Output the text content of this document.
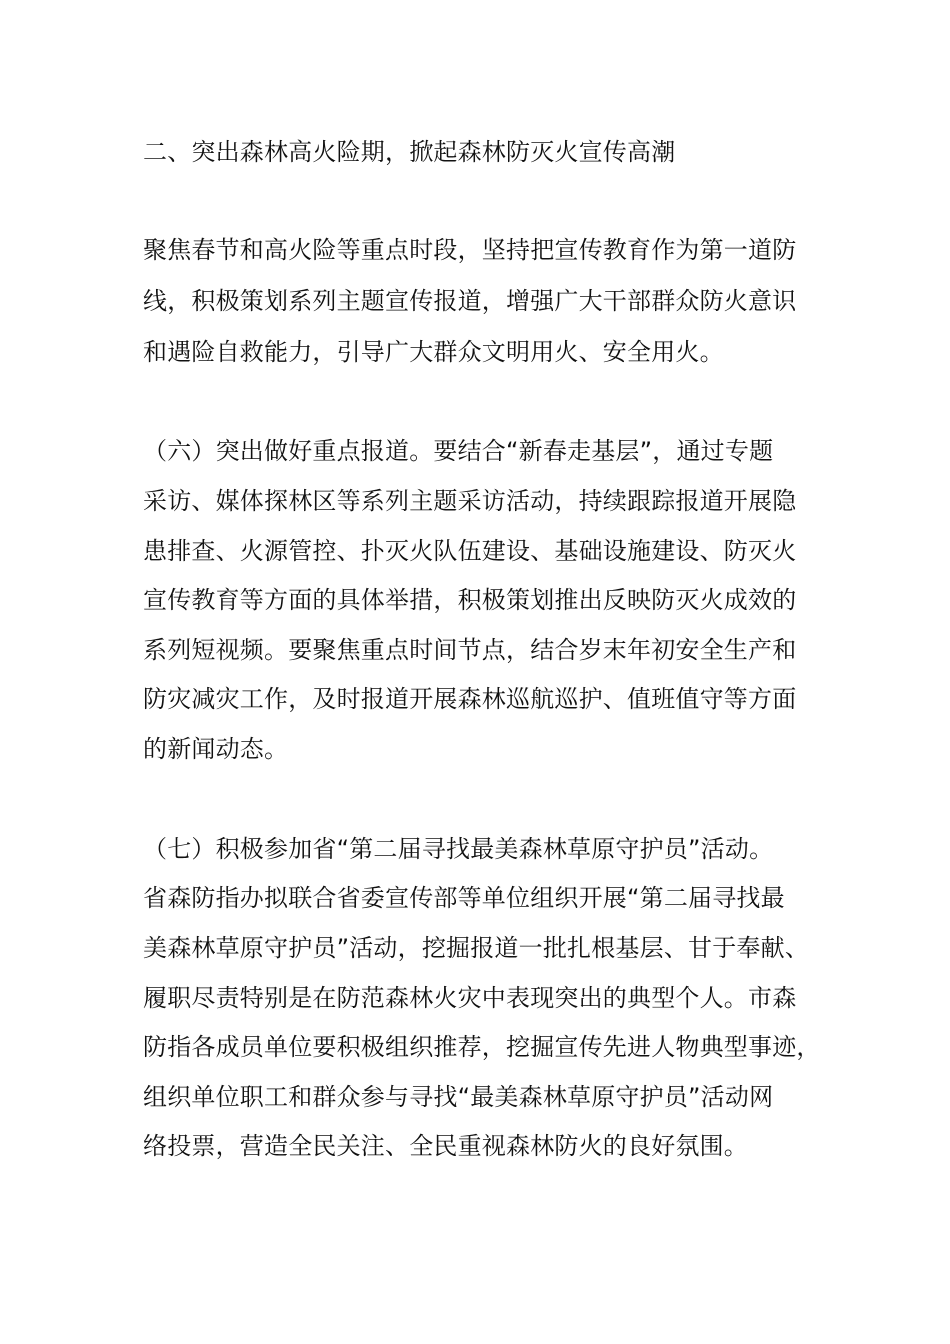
二、突出森林高火险期，掀起森林防灭火宣传高潮
聚焦春节和高火险等重点时段，坚持把宣传教育作为第一道防
线，积极策划系列主题宣传报道，增强广大干部群众防火意识
和遇险自救能力，引导广大群众文明用火、安全用火。
（六）突出做好重点报道。要结合“新春走基层”，通过专题
采访、媒体探林区等系列主题采访活动，持续跟踪报道开展隐
患排查、火源管控、扑灭火队伍建设、基础设施建设、防灭火
宣传教育等方面的具体举措，积极策划推出反映防灭火成效的
系列短视频。要聚焦重点时间节点，结合岁末年初安全生产和
防灾减灾工作，及时报道开展森林巡航巡护、值班值守等方面
的新闻动态。
（七）积极参加省“第二届寻找最美森林草原守护员”活动。
省森防指办拟联合省委宣传部等单位组织开展“第二届寻找最
美森林草原守护员”活动，挖掘报道一批扎根基层、甘于奉献、
履职尽责特别是在防范森林火灾中表现突出的典型个人。市森
防指各成员单位要积极组织推荐，挖掘宣传先进人物典型事迹，
组织单位职工和群众参与寻找“最美森林草原守护员”活动网
络投票，营造全民关注、全民重视森林防火的良好氛围。
